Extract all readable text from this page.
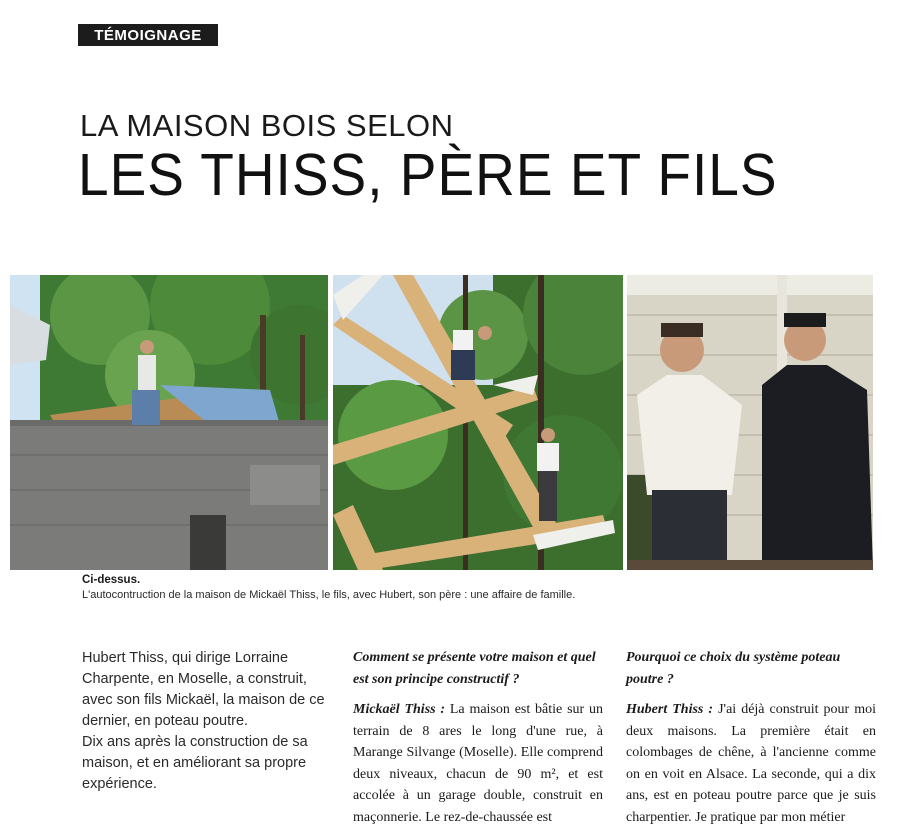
TÉMOIGNAGE
LA MAISON BOIS SELON
LES THISS, PÈRE ET FILS
Ci-dessus.
L'autocontruction de la maison de Mickaël Thiss, le fils, avec Hubert, son père : une affaire de famille.

Hubert Thiss, qui dirige Lorraine Charpente, en Moselle, a construit, avec son fils Mickaël, la maison de ce dernier, en poteau poutre.

Dix ans après la construction de sa maison, et en améliorant sa propre expérience.

Comment se présente votre maison et quel est son principe constructif ?

Mickaël Thiss : La maison est bâtie sur un terrain de 8 ares le long d'une rue, à Marange Silvange (Moselle). Elle comprend deux niveaux, chacun de 90 m², et est accolée à un garage double, construit en maçonnerie. Le rez-de-chaussée est

Pourquoi ce choix du système poteau poutre ?

Hubert Thiss : J'ai déjà construit pour moi deux maisons. La première était en colombages de chêne, à l'ancienne comme on en voit en Alsace. La seconde, qui a dix ans, est en poteau poutre parce que je suis charpentier. Je pratique par mon métier
